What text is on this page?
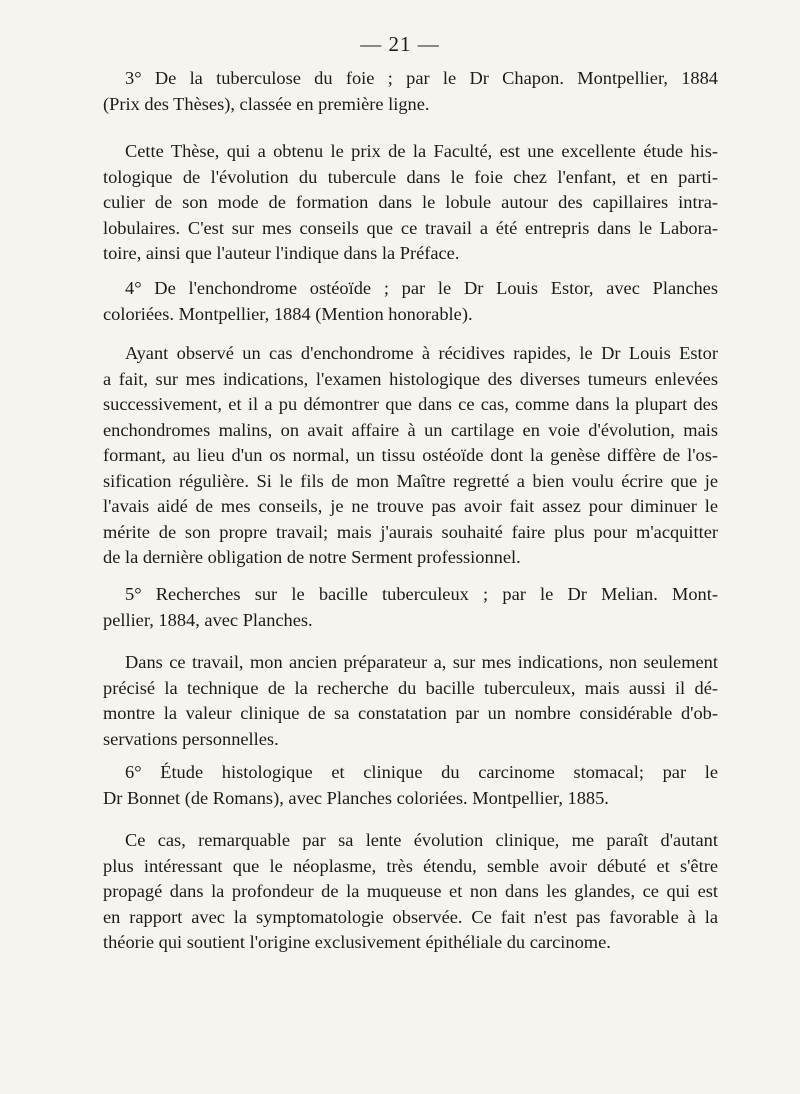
— 21 —

3° De la tuberculose du foie ; par le Dr Chapon. Montpellier, 1884
(Prix des Thèses), classée en première ligne.

Cette Thèse, qui a obtenu le prix de la Faculté, est une excellente étude his-
tologique de l'évolution du tubercule dans le foie chez l'enfant, et en parti-
culier de son mode de formation dans le lobule autour des capillaires intra-
lobulaires. C'est sur mes conseils que ce travail a été entrepris dans le Labora-
toire, ainsi que l'auteur l'indique dans la Préface.

4° De l'enchondrome ostéoïde ; par le Dr Louis Estor, avec Planches
coloriées. Montpellier, 1884 (Mention honorable).

Ayant observé un cas d'enchondrome à récidives rapides, le Dr Louis Estor
a fait, sur mes indications, l'examen histologique des diverses tumeurs enlevées
successivement, et il a pu démontrer que dans ce cas, comme dans la plupart des
enchondromes malins, on avait affaire à un cartilage en voie d'évolution, mais
formant, au lieu d'un os normal, un tissu ostéoïde dont la genèse diffère de l'os-
sification régulière. Si le fils de mon Maître regretté a bien voulu écrire que je
l'avais aidé de mes conseils, je ne trouve pas avoir fait assez pour diminuer le
mérite de son propre travail; mais j'aurais souhaité faire plus pour m'acquitter
de la dernière obligation de notre Serment professionnel.

5° Recherches sur le bacille tuberculeux ; par le Dr Melian. Mont-
pellier, 1884, avec Planches.

Dans ce travail, mon ancien préparateur a, sur mes indications, non seulement
précisé la technique de la recherche du bacille tuberculeux, mais aussi il dé-
montre la valeur clinique de sa constatation par un nombre considérable d'ob-
servations personnelles.

6° Étude histologique et clinique du carcinome stomacal; par le
Dr Bonnet (de Romans), avec Planches coloriées. Montpellier, 1885.

Ce cas, remarquable par sa lente évolution clinique, me paraît d'autant
plus intéressant que le néoplasme, très étendu, semble avoir débuté et s'être
propagé dans la profondeur de la muqueuse et non dans les glandes, ce qui est
en rapport avec la symptomatologie observée. Ce fait n'est pas favorable à la
théorie qui soutient l'origine exclusivement épithéliale du carcinome.
